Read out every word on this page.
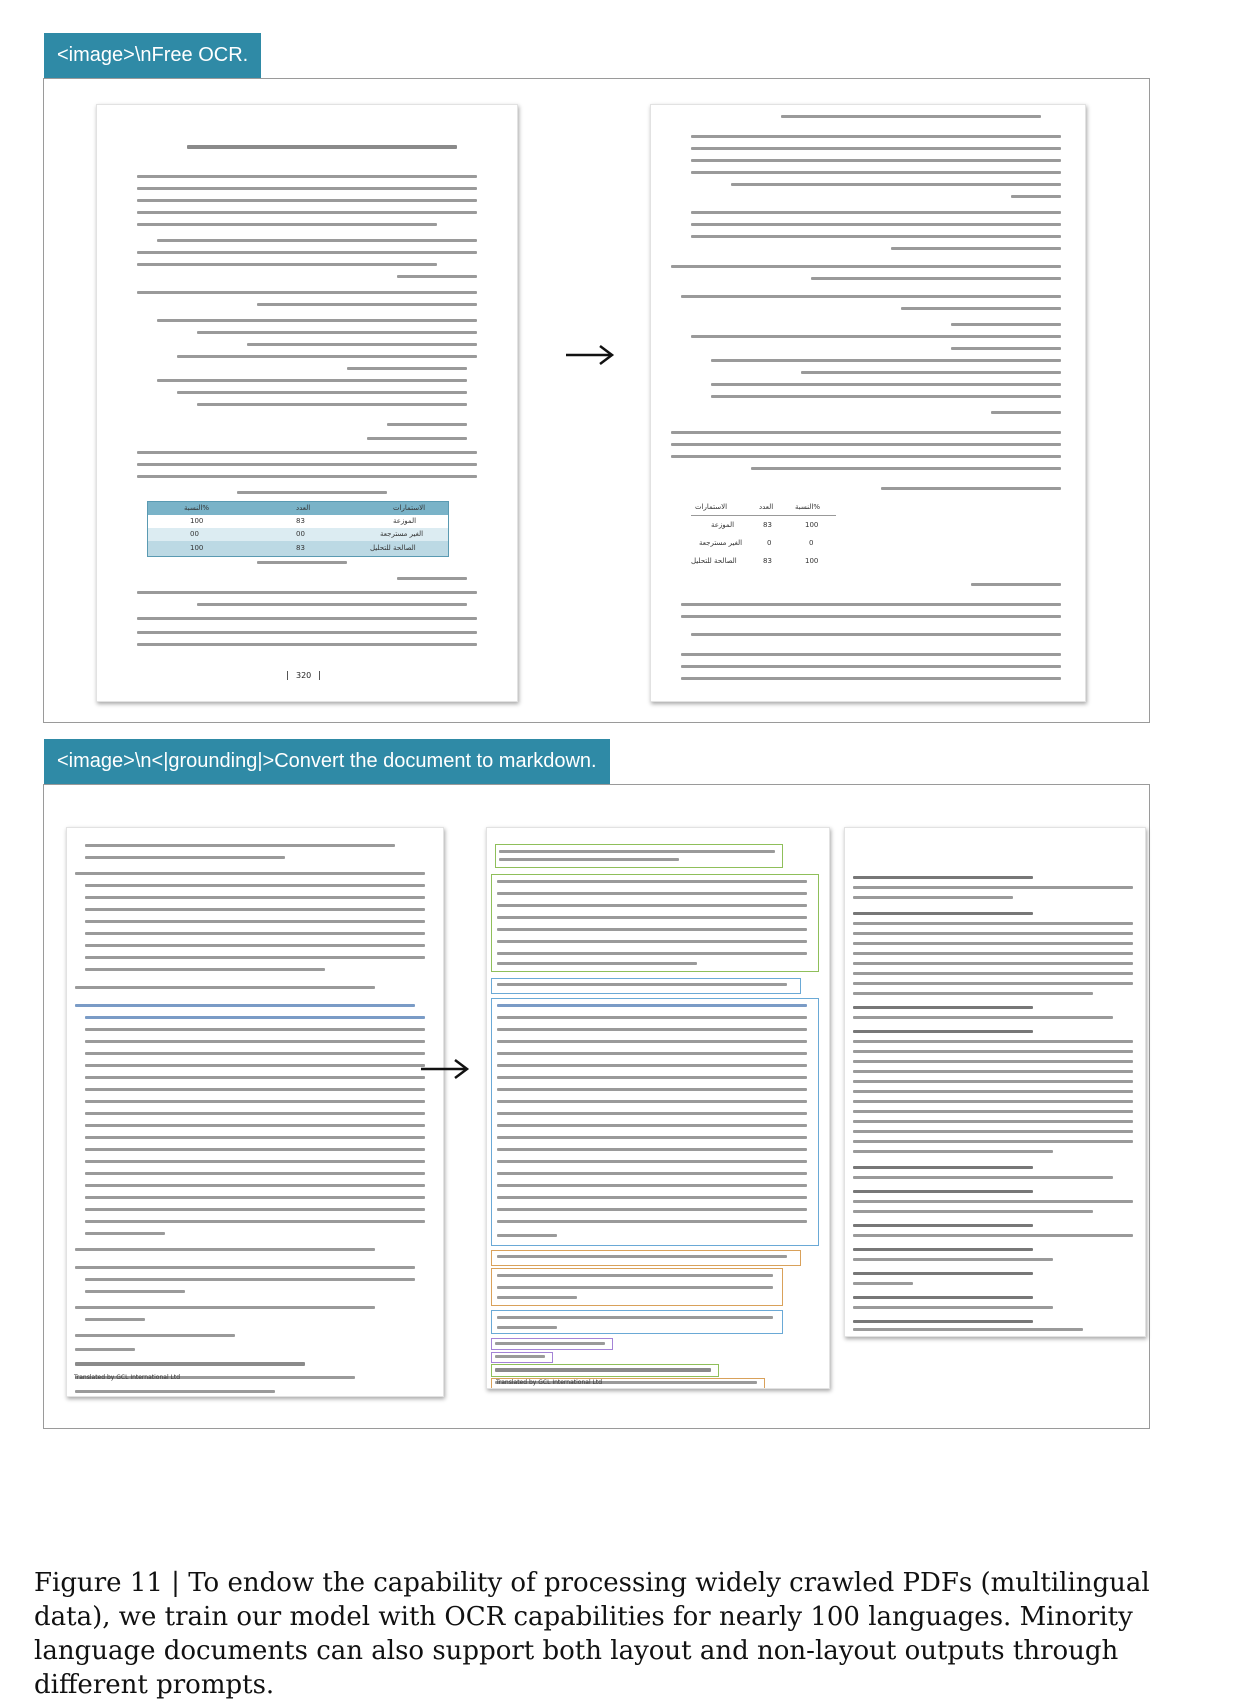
<image>\nFree OCR.
النسبة%	العدد	الاستمارات
100	83	الموزعة
00	00	الغير مسترجعة
100	83	الصالحة للتحليل
320
الاستمارات	العدد	النسبة%
الموزعة	83	100
الغير مسترجعة	0	0
الصالحة للتحليل	83	100
<image>\n<|grounding|>Convert the document to markdown.
Translated by GCL International Ltd
Translated by GCL International Ltd
Figure 11 | To endow the capability of processing widely crawled PDFs (multilingual data), we train our model with OCR capabilities for nearly 100 languages. Minority language documents can also support both layout and non-layout outputs through different prompts.
